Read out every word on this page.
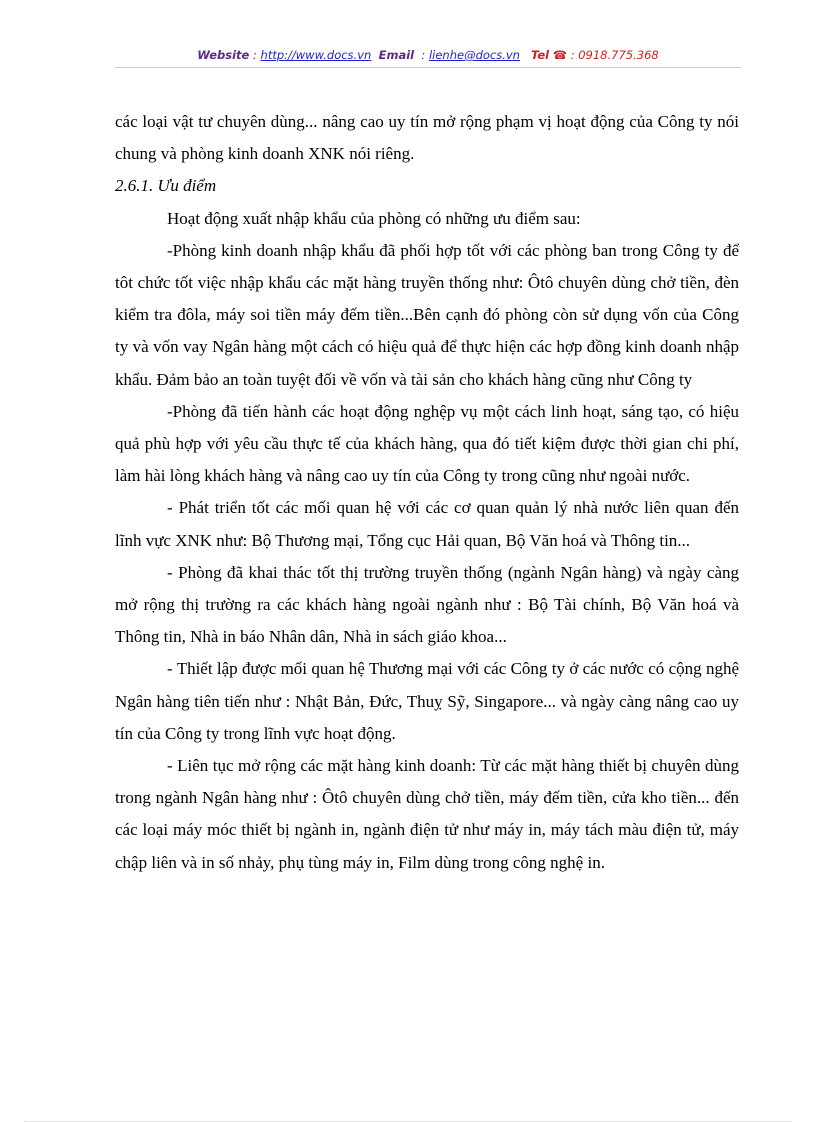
Website : http://www.docs.vn Email  : lienhe@docs.vn Tel ☎ : 0918.775.368

các loại vật tư chuyên dùng... nâng cao uy tín mở rộng phạm vị hoạt động của Công ty nói chung và phòng kinh doanh XNK nói riêng.

2.6.1. Ưu điểm

Hoạt động xuất nhập khẩu của phòng có những ưu điểm sau:

-Phòng kinh doanh nhập khẩu đã phối hợp tốt với các phòng ban trong Công ty để tôt chức tốt việc nhập khẩu các mặt hàng truyền thống như: Ôtô chuyên dùng chở tiền, đèn kiểm tra đôla, máy soi tiền máy đếm tiền...Bên cạnh đó phòng còn sử dụng vốn của Công ty và vốn vay Ngân hàng một cách có hiệu quả để thực hiện các hợp đồng kinh doanh nhập khẩu. Đảm bảo an toàn tuyệt đối về vốn và tài sản cho khách hàng cũng như Công ty

-Phòng đã tiến hành các hoạt động nghệp vụ một cách linh hoạt, sáng tạo, có hiệu quả phù hợp với yêu cầu thực tế của khách hàng, qua đó tiết kiệm được thời gian chi phí, làm hài lòng khách hàng và nâng cao uy tín của Công ty trong cũng như ngoài nước.

- Phát triển tốt các mối quan hệ với các cơ quan quản lý nhà nước liên quan đến lĩnh vực XNK như: Bộ Thương mại, Tổng cục Hải quan, Bộ Văn hoá và Thông tin...

- Phòng đã khai thác tốt thị trường truyền thống (ngành Ngân hàng) và ngày càng mở rộng thị trường ra các khách hàng ngoài ngành như : Bộ Tài chính, Bộ Văn hoá và Thông tin, Nhà in báo Nhân dân, Nhà in sách giáo khoa...

- Thiết lập được mối quan hệ Thương mại với các Công ty ở các nước có cộng nghệ Ngân hàng tiên tiến như : Nhật Bản, Đức, Thuỵ Sỹ, Singapore... và ngày càng nâng cao uy tín của Công ty trong lĩnh vực hoạt động.

- Liên tục mở rộng các mặt hàng kinh doanh: Từ các mặt hàng thiết bị chuyên dùng trong ngành Ngân hàng như : Ôtô chuyên dùng chở tiền, máy đếm tiền, cửa kho tiền... đến các loại máy móc thiết bị ngành in, ngành điện tử như máy in, máy tách màu điện tử, máy chập liên và in số nhảy, phụ tùng máy in, Film dùng trong công nghệ in.
